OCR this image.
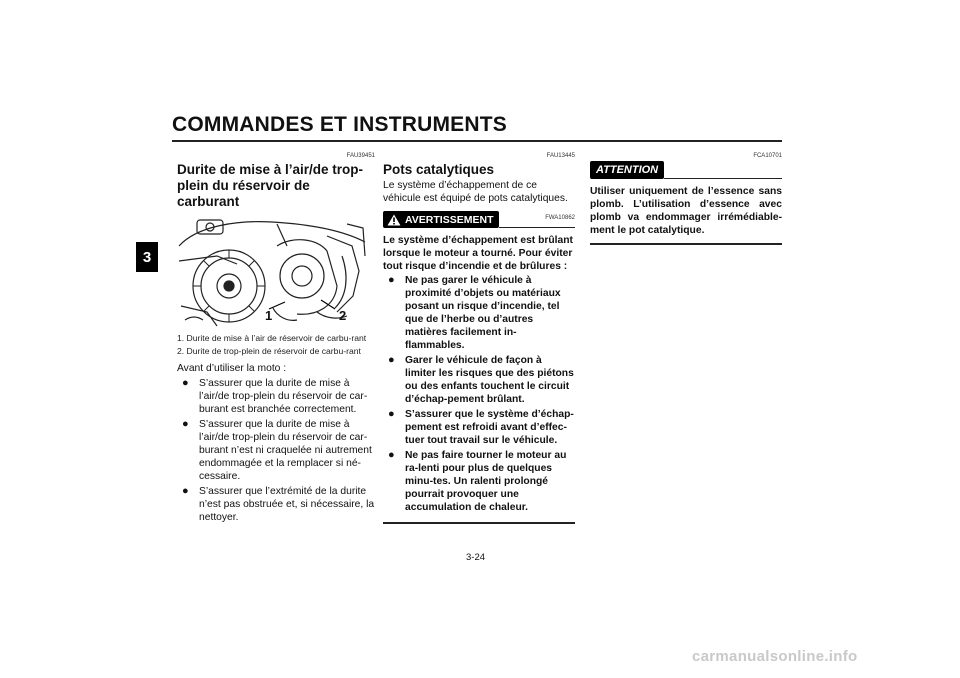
COMMANDES ET INSTRUMENTS
3
FAU39451
Durite de mise à l’air/de trop-plein du réservoir de carburant
1	2
1. Durite de mise à l’air de réservoir de carbu-rant
2. Durite de trop-plein de réservoir de carbu-rant
Avant d’utiliser la moto :
● S’assurer que la durite de mise à l’air/de trop-plein du réservoir de car-burant est branchée correctement.
● S’assurer que la durite de mise à l’air/de trop-plein du réservoir de car-burant n’est ni craquelée ni autrement endommagée et la remplacer si né-cessaire.
● S’assurer que l’extrémité de la durite n’est pas obstruée et, si nécessaire, la nettoyer.
FAU13445
Pots catalytiques
Le système d’échappement de ce véhicule est équipé de pots catalytiques.
AVERTISSEMENT	FWA10862
Le système d’échappement est brûlant lorsque le moteur a tourné. Pour éviter tout risque d’incendie et de brûlures :
● Ne pas garer le véhicule à proximité d’objets ou matériaux posant un risque d’incendie, tel que de l’herbe ou d’autres matières facilement in-flammables.
● Garer le véhicule de façon à limiter les risques que des piétons ou des enfants touchent le circuit d’échap-pement brûlant.
● S’assurer que le système d’échap-pement est refroidi avant d’effec-tuer tout travail sur le véhicule.
● Ne pas faire tourner le moteur au ra-lenti pour plus de quelques minu-tes. Un ralenti prolongé pourrait provoquer une accumulation de chaleur.
FCA10701
ATTENTION
Utiliser uniquement de l’essence sans plomb. L’utilisation d’essence avec plomb va endommager irrémédiable-ment le pot catalytique.
3-24
carmanualsonline.info
